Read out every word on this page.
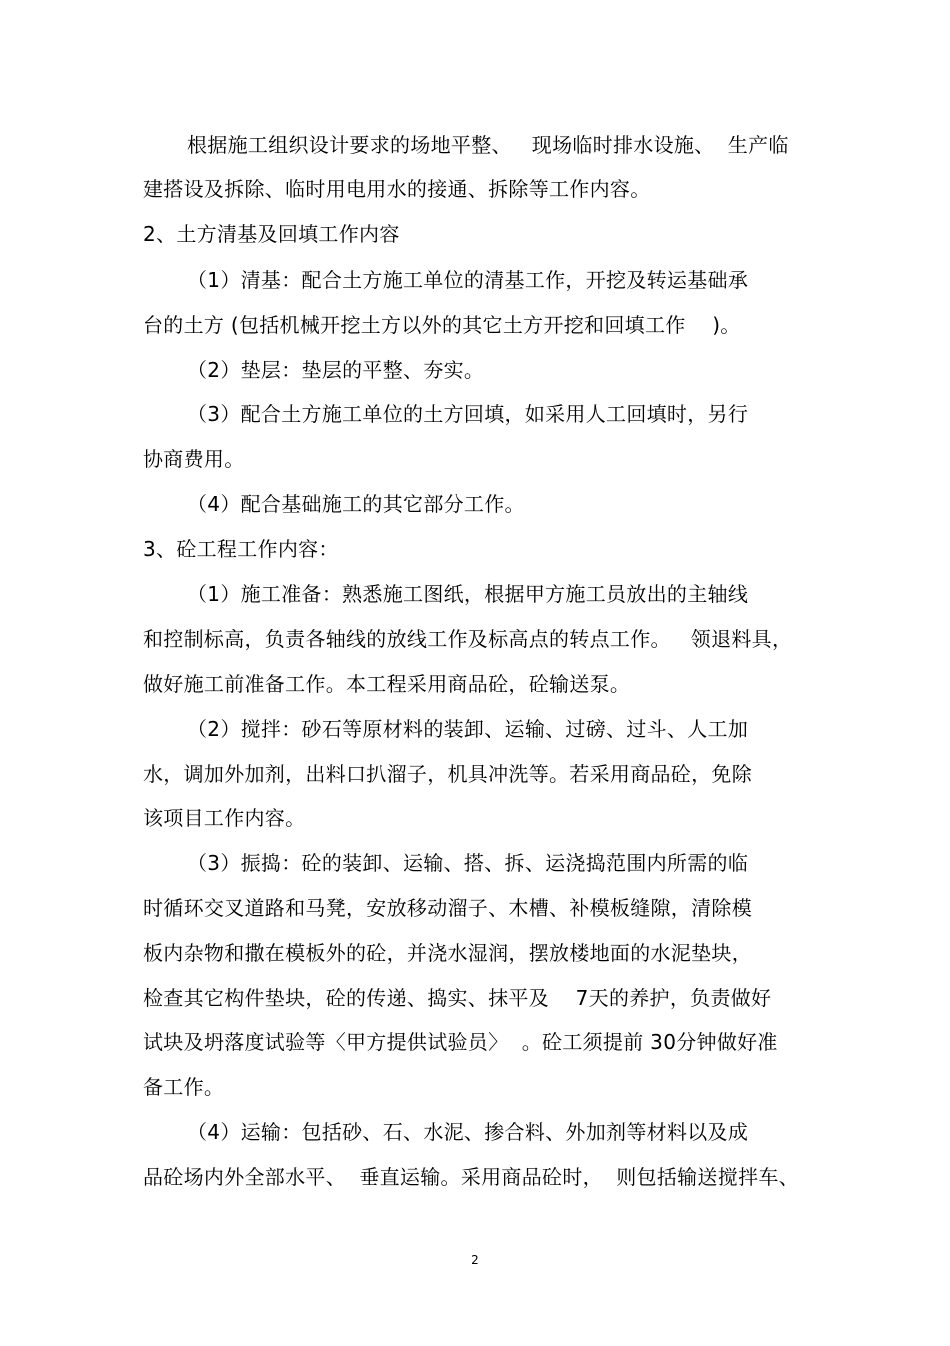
根据施工组织设计要求的场地平整、   现场临时排水设施、  生产临
建搭设及拆除、临时用电用水的接通、拆除等工作内容。
2、土方清基及回填工作内容
（1）清基：配合土方施工单位的清基工作，开挖及转运基础承
台的土方 (包括机械开挖土方以外的其它土方开挖和回填工作    )。
（2）垫层：垫层的平整、夯实。
（3）配合土方施工单位的土方回填，如采用人工回填时，另行
协商费用。
（4）配合基础施工的其它部分工作。
3、砼工程工作内容：
（1）施工准备：熟悉施工图纸，根据甲方施工员放出的主轴线
和控制标高，负责各轴线的放线工作及标高点的转点工作。   领退料具，
做好施工前准备工作。本工程采用商品砼，砼输送泵。
（2）搅拌：砂石等原材料的装卸、运输、过磅、过斗、人工加
水，调加外加剂，出料口扒溜子，机具冲洗等。若采用商品砼，免除
该项目工作内容。
（3）振捣：砼的装卸、运输、搭、拆、运浇捣范围内所需的临
时循环交叉道路和马凳，安放移动溜子、木槽、补模板缝隙，清除模
板内杂物和撒在模板外的砼，并浇水湿润，摆放楼地面的水泥垫块，
检查其它构件垫块，砼的传递、捣实、抹平及    7天的养护，负责做好
试块及坍落度试验等〈甲方提供试验员〉  。砼工须提前 30分钟做好准
备工作。
（4）运输：包括砂、石、水泥、掺合料、外加剂等材料以及成
品砼场内外全部水平、  垂直运输。采用商品砼时，  则包括输送搅拌车、
2
